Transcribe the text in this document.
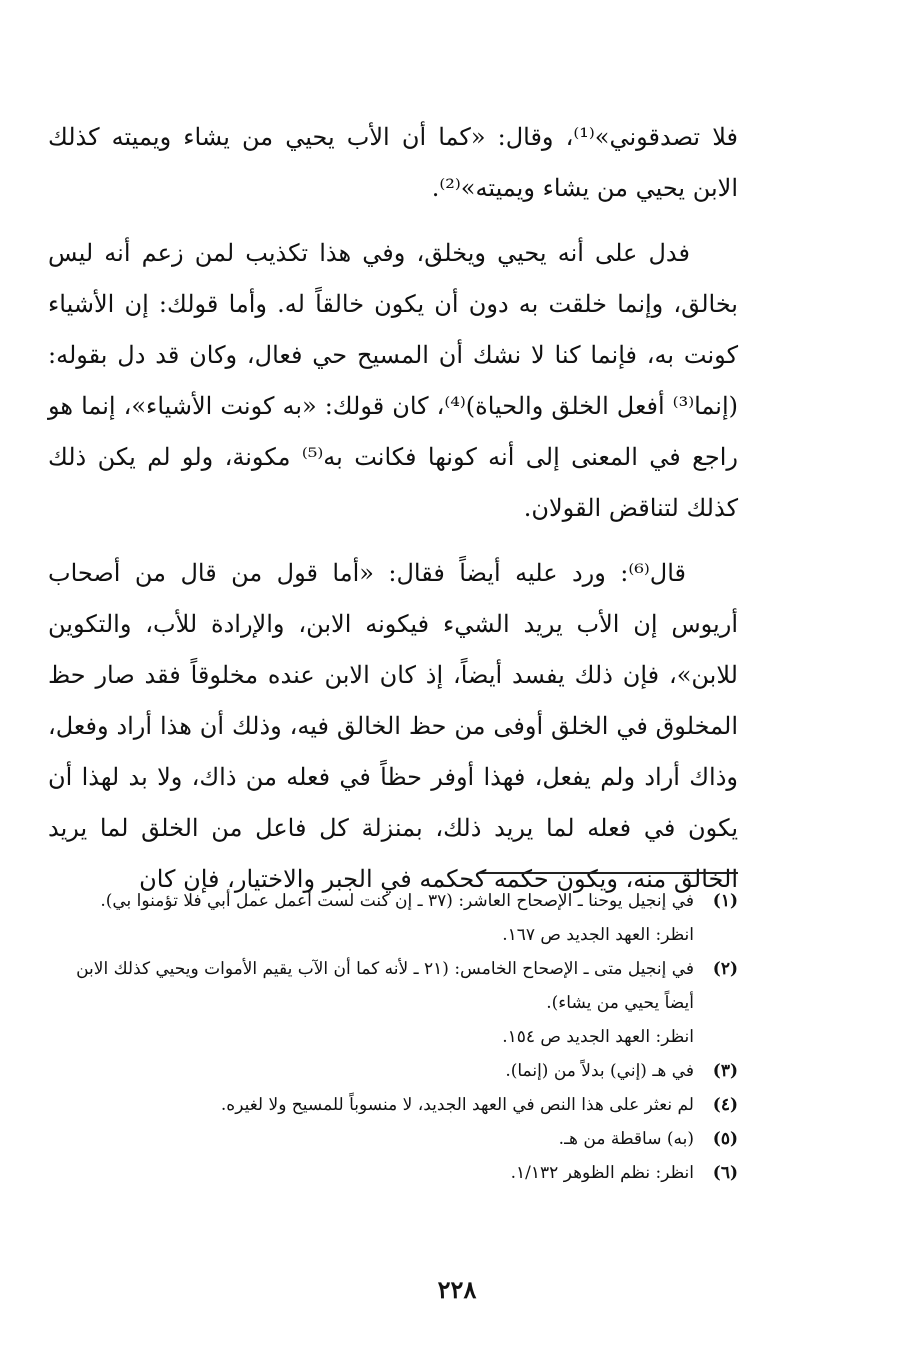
فلا تصدقوني»⁽¹⁾، وقال: «كما أن الأب يحيي من يشاء ويميته كذلك الابن يحيي من يشاء ويميته»⁽²⁾.

فدل على أنه يحيي ويخلق، وفي هذا تكذيب لمن زعم أنه ليس بخالق، وإنما خلقت به دون أن يكون خالقاً له. وأما قولك: إن الأشياء كونت به، فإنما كنا لا نشك أن المسيح حي فعال، وكان قد دل بقوله: (إنما⁽³⁾ أفعل الخلق والحياة)⁽⁴⁾، كان قولك: «به كونت الأشياء»، إنما هو راجع في المعنى إلى أنه كونها فكانت به⁽⁵⁾ مكونة، ولو لم يكن ذلك كذلك لتناقض القولان.

قال⁽⁶⁾: ورد عليه أيضاً فقال: «أما قول من قال من أصحاب أريوس إن الأب يريد الشيء فيكونه الابن، والإرادة للأب، والتكوين للابن»، فإن ذلك يفسد أيضاً، إذ كان الابن عنده مخلوقاً فقد صار حظ المخلوق في الخلق أوفى من حظ الخالق فيه، وذلك أن هذا أراد وفعل، وذاك أراد ولم يفعل، فهذا أوفر حظاً في فعله من ذاك، ولا بد لهذا أن يكون في فعله لما يريد ذلك، بمنزلة كل فاعل من الخلق لما يريد الخالق منه، ويكون حكمه كحكمه في الجبر والاختيار، فإن كان

(١)
في إنجيل يوحنا ـ الإصحاح العاشر: (٣٧ ـ إن كنت لست أعمل عمل أبي فلا تؤمنوا بي).
انظر: العهد الجديد ص ١٦٧.
(٢)
في إنجيل متى ـ الإصحاح الخامس: (٢١ ـ لأنه كما أن الآب يقيم الأموات ويحيي كذلك الابن أيضاً يحيي من يشاء).
انظر: العهد الجديد ص ١٥٤.
(٣)
في هـ (إني) بدلاً من (إنما).
(٤)
لم نعثر على هذا النص في العهد الجديد، لا منسوباً للمسيح ولا لغيره.
(٥)
(به) ساقطة من هـ.
(٦)
انظر: نظم الظوهر ١/١٣٢.
٢٢٨
